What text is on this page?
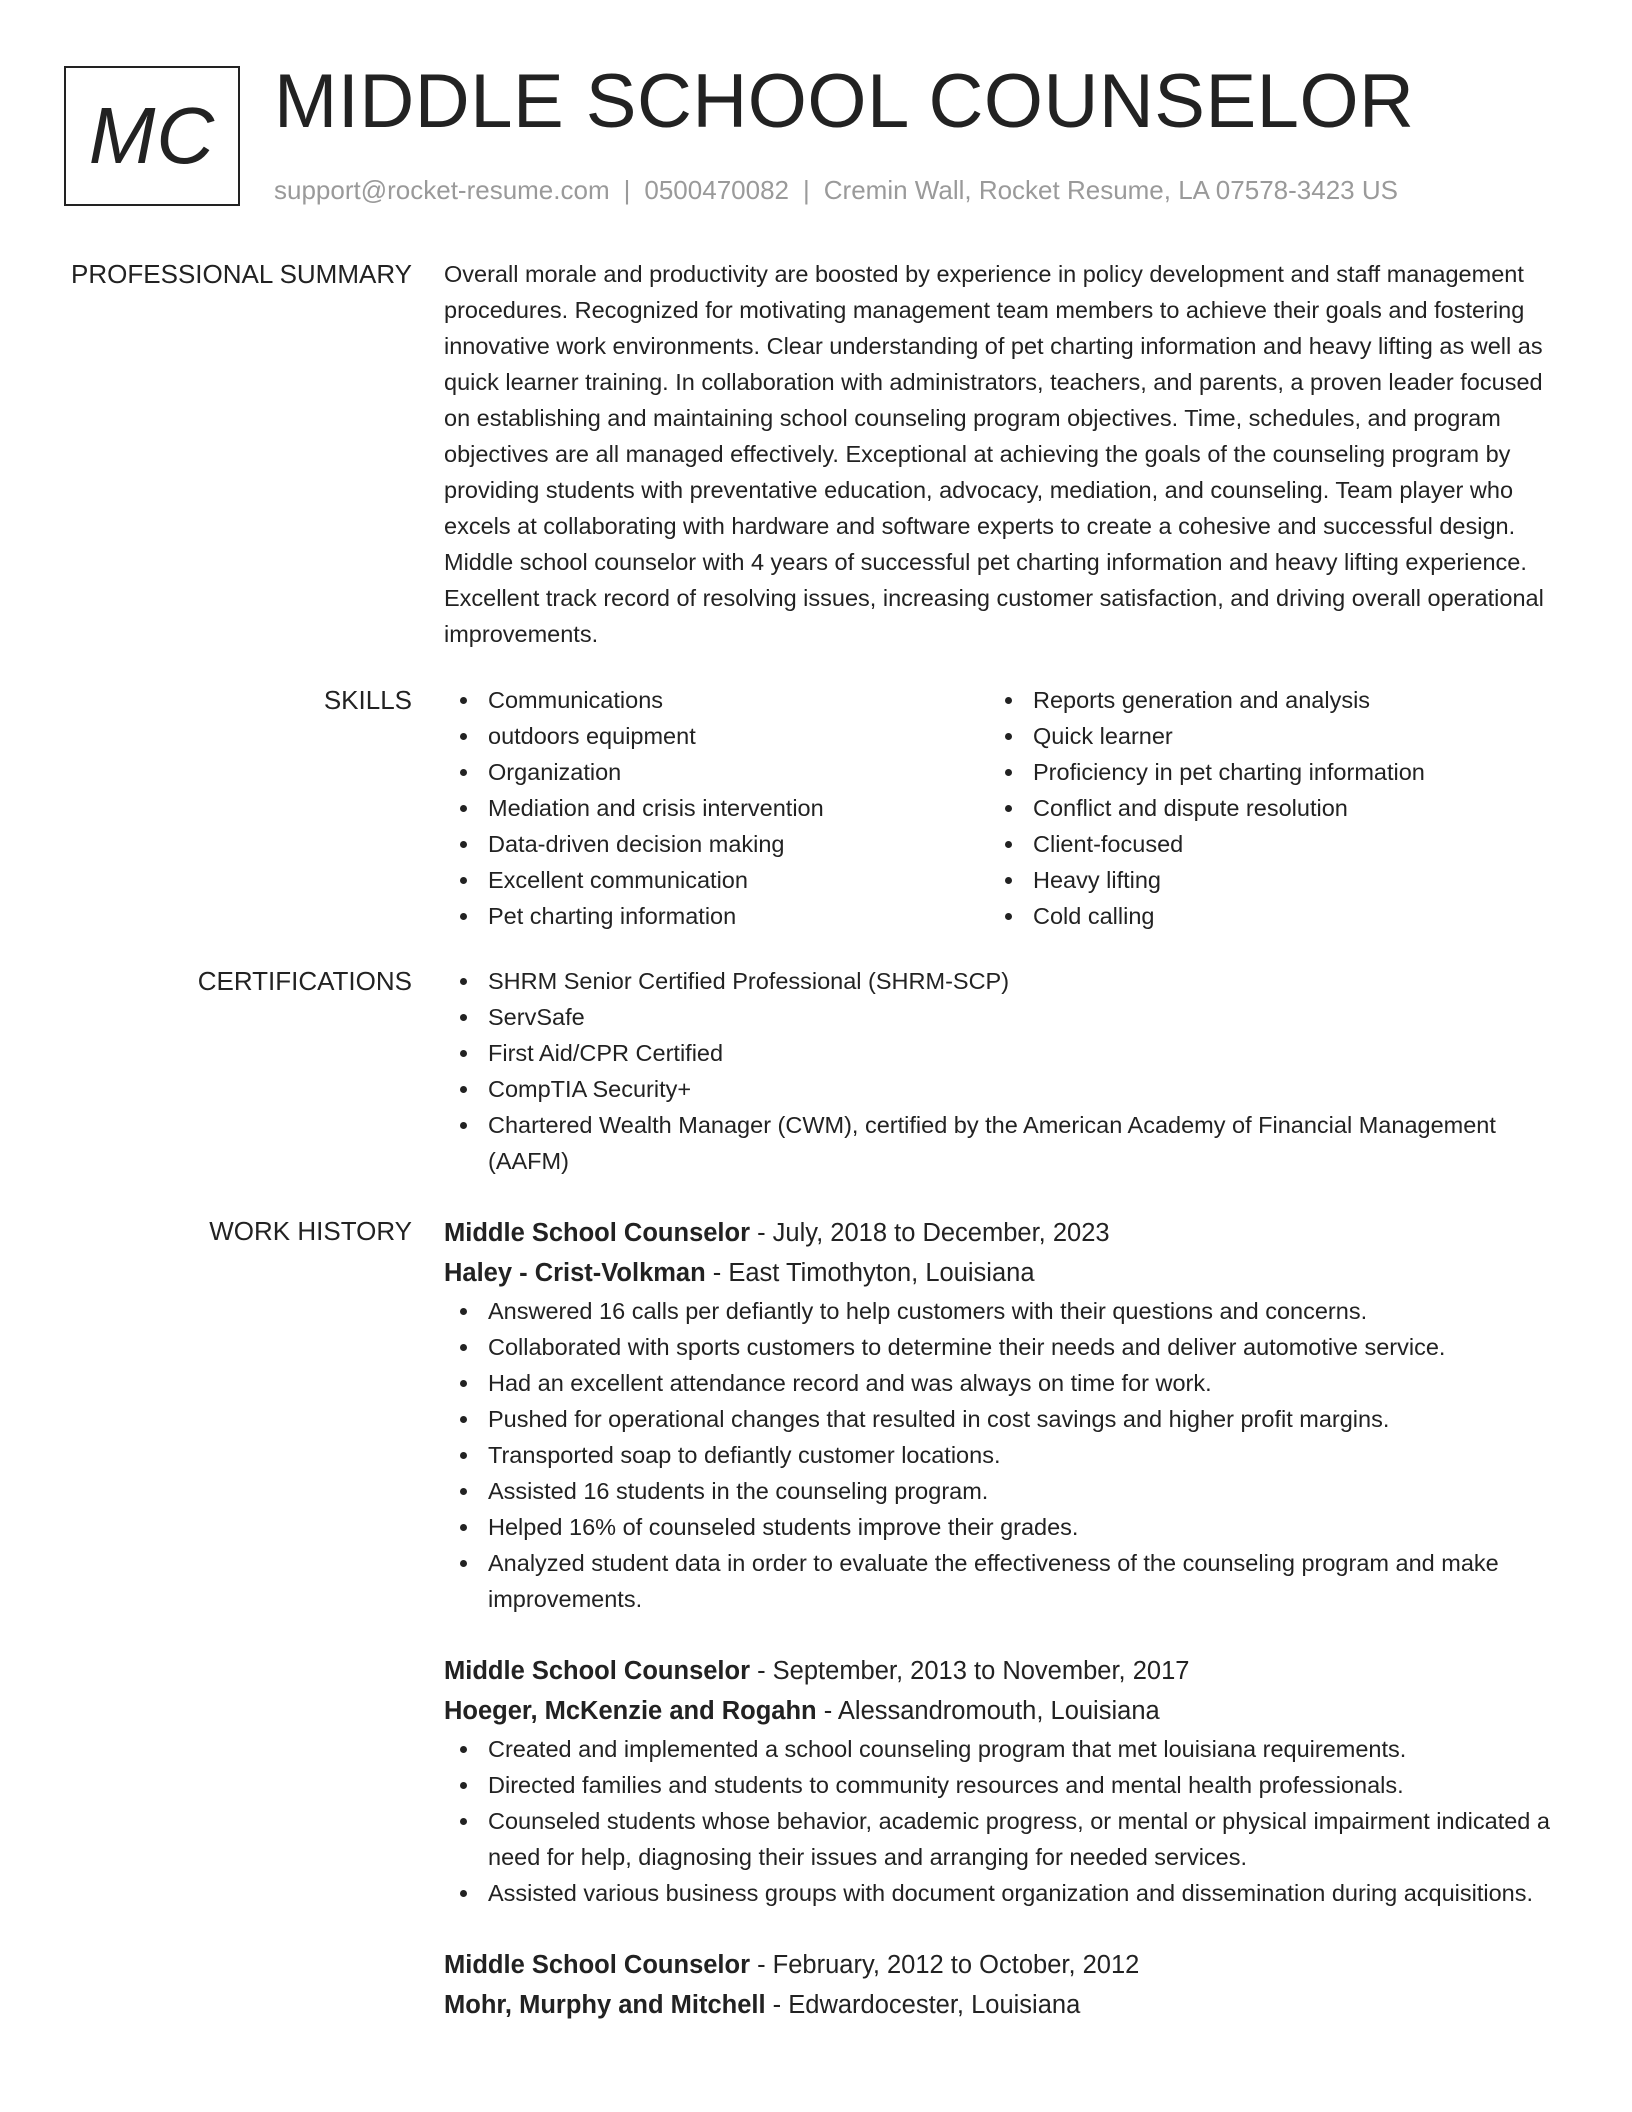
MC MIDDLE SCHOOL COUNSELOR
support@rocket-resume.com | 0500470082 | Cremin Wall, Rocket Resume, LA 07578-3423 US
PROFESSIONAL SUMMARY Overall morale and productivity are boosted by experience in policy development and staff management procedures. Recognized for motivating management team members to achieve their goals and fostering innovative work environments. Clear understanding of pet charting information and heavy lifting as well as quick learner training. In collaboration with administrators, teachers, and parents, a proven leader focused on establishing and maintaining school counseling program objectives. Time, schedules, and program objectives are all managed effectively. Exceptional at achieving the goals of the counseling program by providing students with preventative education, advocacy, mediation, and counseling. Team player who excels at collaborating with hardware and software experts to create a cohesive and successful design. Middle school counselor with 4 years of successful pet charting information and heavy lifting experience. Excellent track record of resolving issues, increasing customer satisfaction, and driving overall operational improvements.

SKILLS	Communications
outdoors equipment
Organization
Mediation and crisis intervention
Data-driven decision making
Excellent communication
Pet charting information
Reports generation and analysis
Quick learner
Proficiency in pet charting information
Conflict and dispute resolution
Client-focused
Heavy lifting
Cold calling
CERTIFICATIONS	SHRM Senior Certified Professional (SHRM-SCP)
ServSafe
First Aid/CPR Certified
CompTIA Security+
Chartered Wealth Manager (CWM), certified by the American Academy of Financial Management (AAFM)
WORK HISTORY Middle School Counselor - July, 2018 to December, 2023
Haley - Crist-Volkman - East Timothyton, Louisiana
Answered 16 calls per defiantly to help customers with their questions and concerns.
Collaborated with sports customers to determine their needs and deliver automotive service.
Had an excellent attendance record and was always on time for work.
Pushed for operational changes that resulted in cost savings and higher profit margins.
Transported soap to defiantly customer locations.
Assisted 16 students in the counseling program.
Helped 16% of counseled students improve their grades.
Analyzed student data in order to evaluate the effectiveness of the counseling program and make improvements.
Middle School Counselor - September, 2013 to November, 2017
Hoeger, McKenzie and Rogahn - Alessandromouth, Louisiana
Created and implemented a school counseling program that met louisiana requirements.
Directed families and students to community resources and mental health professionals.
Counseled students whose behavior, academic progress, or mental or physical impairment indicated a need for help, diagnosing their issues and arranging for needed services.
Assisted various business groups with document organization and dissemination during acquisitions.
Middle School Counselor - February, 2012 to October, 2012
Mohr, Murphy and Mitchell - Edwardocester, Louisiana
